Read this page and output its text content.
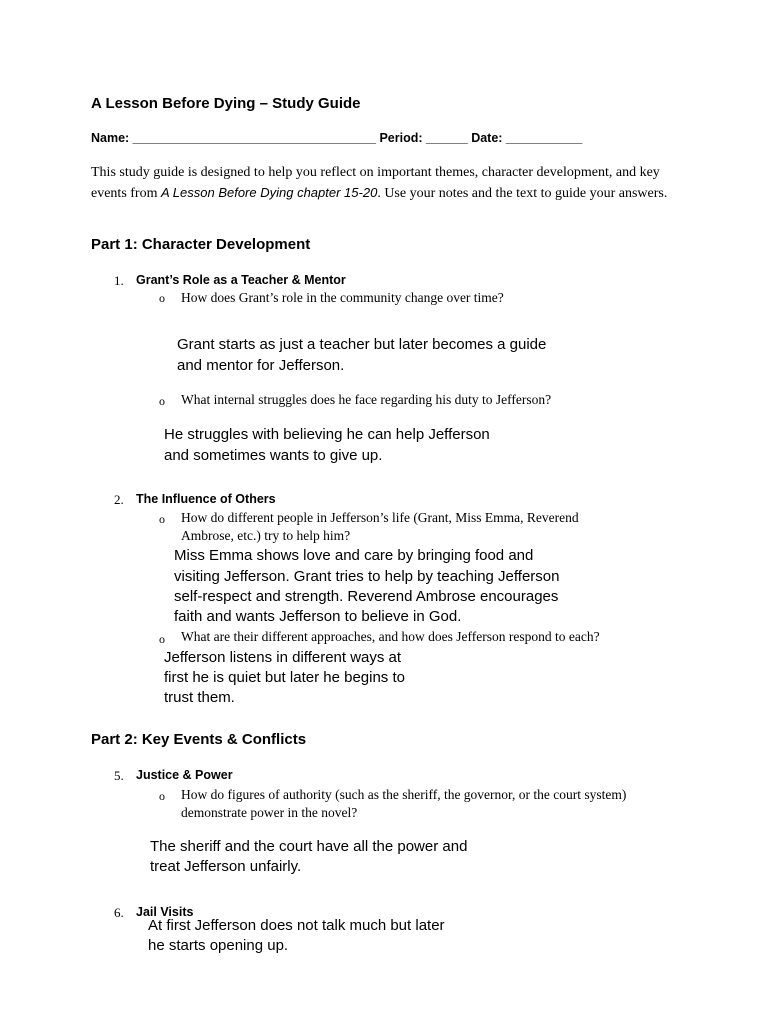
A Lesson Before Dying – Study Guide
Name: ___________________________________ Period: ______ Date: ___________
This study guide is designed to help you reflect on important themes, character development, and key events from A Lesson Before Dying chapter 15-20. Use your notes and the text to guide your answers.
Part 1: Character Development
1. Grant’s Role as a Teacher & Mentor
o How does Grant’s role in the community change over time?
Grant starts as just a teacher but later becomes a guide
and mentor for Jefferson.
o What internal struggles does he face regarding his duty to Jefferson?
He struggles with believing he can help Jefferson
and sometimes wants to give up.
2. The Influence of Others
o How do different people in Jefferson’s life (Grant, Miss Emma, Reverend
Ambrose, etc.) try to help him?
Miss Emma shows love and care by bringing food and
visiting Jefferson. Grant tries to help by teaching Jefferson
self-respect and strength. Reverend Ambrose encourages
faith and wants Jefferson to believe in God.
o What are their different approaches, and how does Jefferson respond to each?
Jefferson listens in different ways at
first he is quiet but later he begins to
trust them.
Part 2: Key Events & Conflicts
5. Justice & Power
o How do figures of authority (such as the sheriff, the governor, or the court system)
demonstrate power in the novel?
The sheriff and the court have all the power and
treat Jefferson unfairly.
6. Jail Visits
At first Jefferson does not talk much but later
he starts opening up.
